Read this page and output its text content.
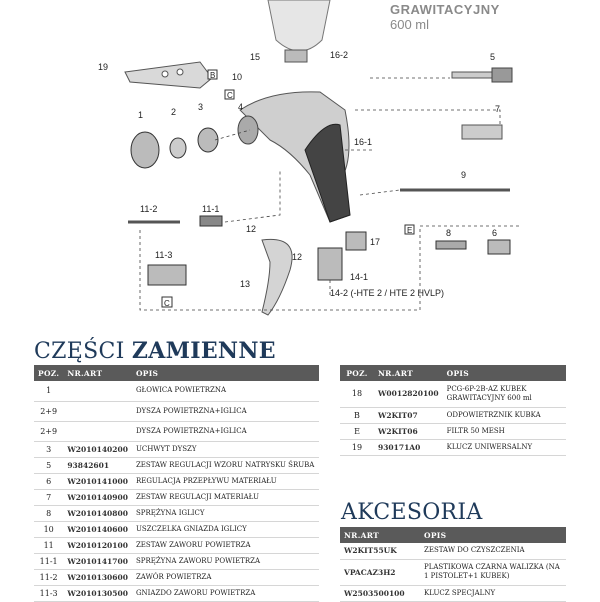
GRAWITACYJNY
600 ml
19
15	16-2
10
5
1	2 3	4	7
16-1
9
11-2	11-1
12
12
8	6
11-3
17
13
14-1
14-2 (-HTE 2 / HTE 2 HVLP)
B
C
C
E
CZĘŚCI ZAMIENNE
POZ.	NR.ART	OPIS
1		GŁOWICA POWIETRZNA
2+9		DYSZA POWIETRZNA+IGLICA
2+9		DYSZA POWIETRZNA+IGLICA
3	W2010140200	UCHWYT DYSZY
5	93842601	ZESTAW REGULACJI WZORU NATRYSKU ŚRUBA
6	W2010141000	REGULACJA PRZEPŁYWU MATERIAŁU
7	W2010140900	ZESTAW REGULACJI MATERIAŁU
8	W2010140800	SPRĘŻYNA IGLICY
10	W2010140600	USZCZELKA GNIAZDA IGLICY
11	W2010120100	ZESTAW ZAWORU POWIETRZA
11-1	W2010141700	SPRĘŻYNA ZAWORU POWIETRZA
11-2	W2010130600	ZAWÓR POWIETRZA
11-3	W2010130500	GNIAZDO ZAWORU POWIETRZA
POZ.	NR.ART	OPIS
18	W0012820100	PCG-6P-2B-AZ KUBEK GRAWITACYJNY 600 ml
B	W2KIT07	ODPOWIETRZNIK KUBKA
E	W2KIT06	FILTR 50 MESH
19	930171A0	KLUCZ UNIWERSALNY
AKCESORIA
NR.ART	OPIS
W2KIT55UK	ZESTAW DO CZYSZCZENIA
VPACAZ3H2	PLASTIKOWA CZARNA WALIZKA (NA 1 PISTOLET+1 KUBEK)
W2503500100	KLUCZ SPECJALNY
